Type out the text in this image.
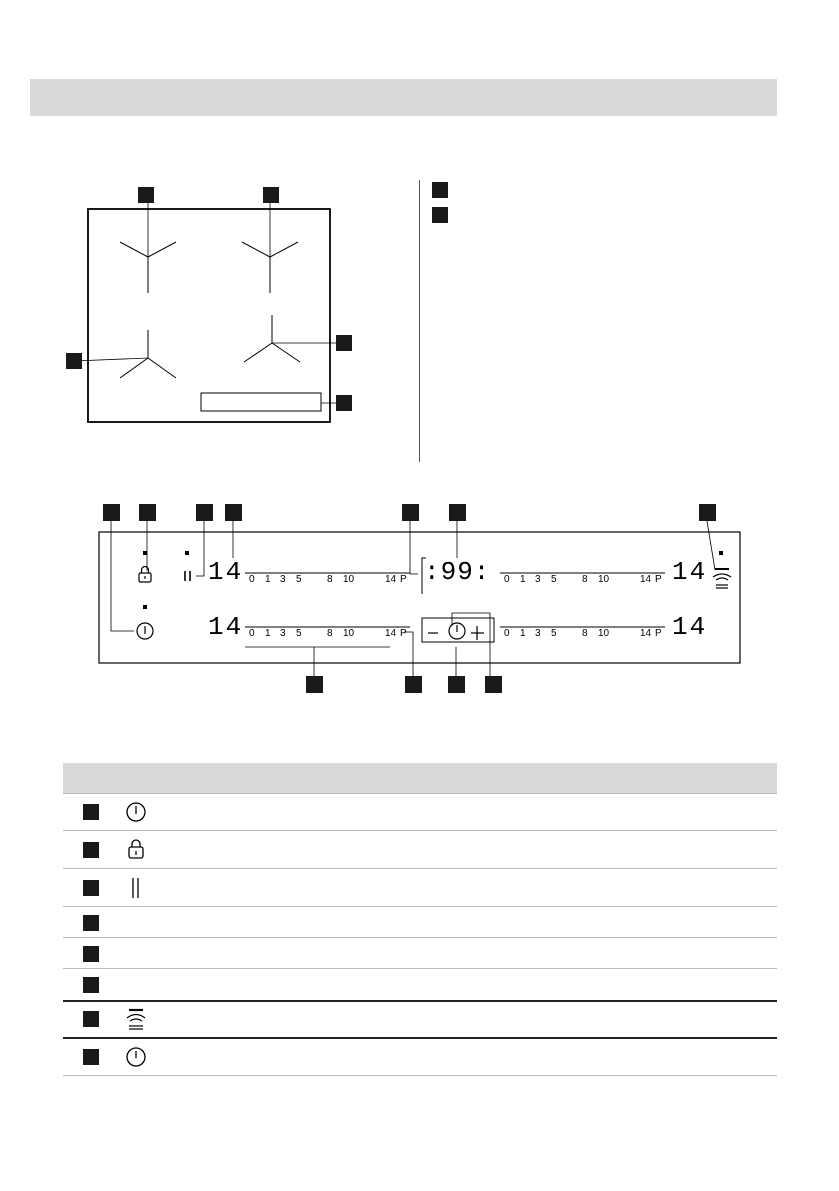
14
14
14
14
:99:
0 1 3 5	8 10	14 P	0 1 3 5	8 10	14 P
0 1 3 5	8 10	14 P	0 1 3 5	8 10	14 P
